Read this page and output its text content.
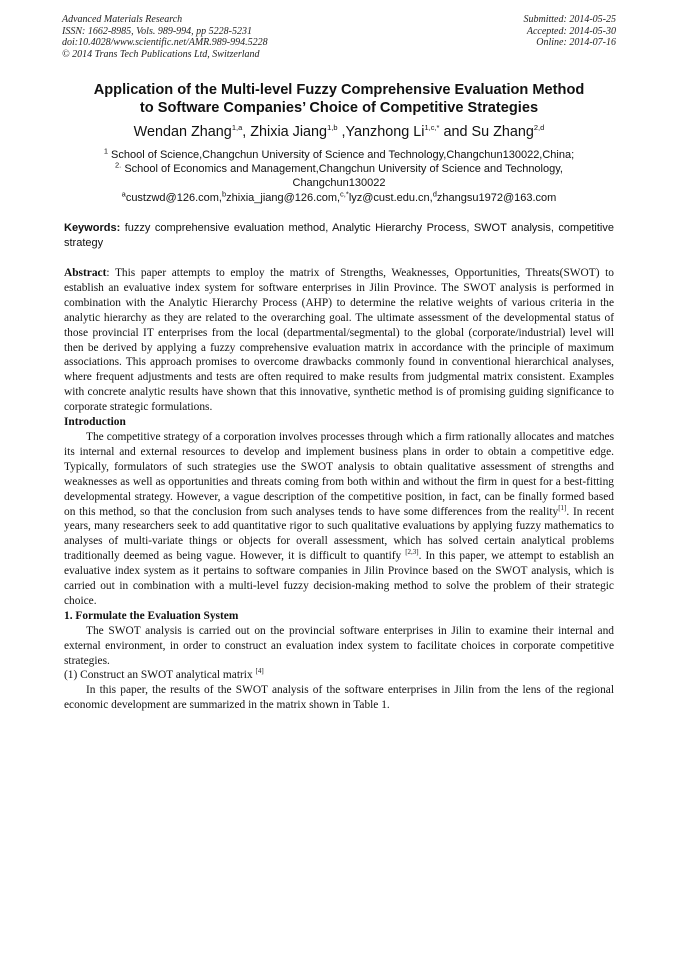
Advanced Materials Research
ISSN: 1662-8985, Vols. 989-994, pp 5228-5231
doi:10.4028/www.scientific.net/AMR.989-994.5228
© 2014 Trans Tech Publications Ltd, Switzerland
Submitted: 2014-05-25
Accepted: 2014-05-30
Online: 2014-07-16
Application of the Multi-level Fuzzy Comprehensive Evaluation Method
to Software Companies’ Choice of Competitive Strategies
Wendan Zhang$^{1,a}$, Zhixia Jiang$^{1,b}$ ,Yanzhong $Li^{1,c,*}$ and Su Zhang$^{2,d}$
$^1$ School of Science,Changchun University of Science and Technology,Changchun130022,China;
$^{2.}$ School of Economics and Management,Changchun University of Science and Technology,
Changchun130022
$^a$custzwd@126.com,$^b$zhixia_jiang@126.com,$^{c,*}$lyz@cust.edu.cn,$^d$zhangsu1972@163.com
Keywords: fuzzy comprehensive evaluation method, Analytic Hierarchy Process, SWOT analysis, competitive strategy

Abstract: This paper attempts to employ the matrix of Strengths, Weaknesses, Opportunities, Threats(SWOT) to establish an evaluative index system for software enterprises in Jilin Province. The SWOT analysis is performed in combination with the Analytic Hierarchy Process (AHP) to determine the relative weights of various criteria in the analytic hierarchy as they are related to the overarching goal. The ultimate assessment of the developmental status of those provincial IT enterprises from the local (departmental/segmental) to the global (corporate/industrial) level will then be derived by applying a fuzzy comprehensive evaluation matrix in accordance with the principle of maximum associations. This approach promises to overcome drawbacks commonly found in conventional hierarchical analyses, where frequent adjustments and tests are often required to make results from judgmental matrix consistent. Examples with concrete analytic results have shown that this innovative, synthetic method is of promising guiding significance to corporate strategic formulations.

Introduction

The competitive strategy of a corporation involves processes through which a firm rationally allocates and matches its internal and external resources to develop and implement business plans in order to obtain a competitive edge. Typically, formulators of such strategies use the SWOT analysis to obtain qualitative assessment of strengths and weaknesses as well as opportunities and threats coming from both within and without the firm in quest for a best-fitting developmental strategy. However, a vague description of the competitive position, in fact, can be finally formed based on this method, so that the conclusion from such analyses tends to have some differences from the reality[1]. In recent years, many researchers seek to add quantitative rigor to such qualitative evaluations by applying fuzzy mathematics to analyses of multi-variate things or objects for overall assessment, which has solved certain analytical problems traditionally deemed as being vague. However, it is difficult to quantify [2,3]. In this paper, we attempt to establish an evaluative index system as it pertains to software companies in Jilin Province based on the SWOT analysis, which is carried out in combination with a multi-level fuzzy decision-making method to solve the problem of their strategic choice.

1. Formulate the Evaluation System

The SWOT analysis is carried out on the provincial software enterprises in Jilin to examine their internal and external environment, in order to construct an evaluation index system to facilitate choices in corporate competitive strategies.

(1) Construct an SWOT analytical matrix [4]

In this paper, the results of the SWOT analysis of the software enterprises in Jilin from the lens of the regional economic development are summarized in the matrix shown in Table 1.
